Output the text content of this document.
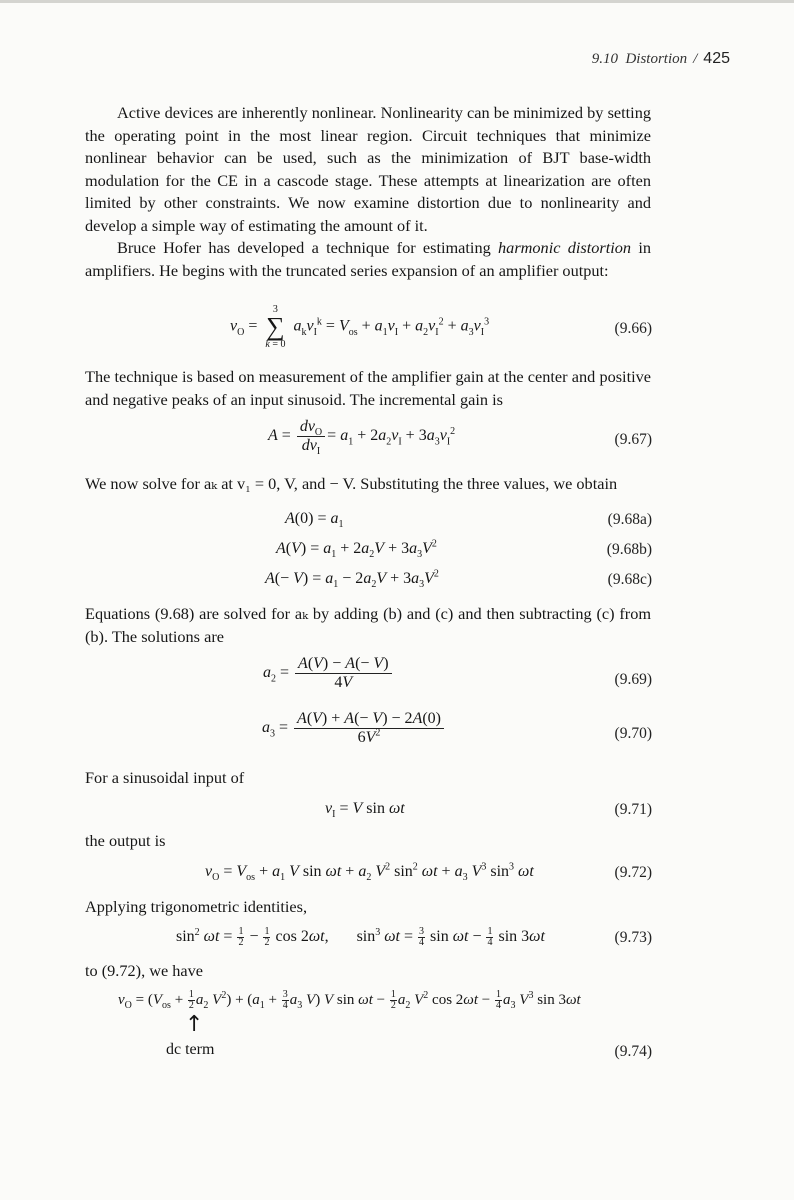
9.10 Distortion / 425

Active devices are inherently nonlinear. Nonlinearity can be minimized by setting the operating point in the most linear region. Circuit techniques that minimize nonlinear behavior can be used, such as the minimization of BJT base-width modulation for the CE in a cascode stage. These attempts at linearization are often limited by other constraints. We now examine distortion due to nonlinearity and develop a simple way of estimating the amount of it.

Bruce Hofer has developed a technique for estimating harmonic distortion in amplifiers. He begins with the truncated series expansion of an amplifier output:

$v_O = 3$
∑
k = 0 $a_kv_I^k = V_{os} + a_1v_I + a_2v_I^2 + a_3v_I^3$	(9.66)

The technique is based on measurement of the amplifier gain at the center and positive and negative peaks of an input sinusoid. The incremental gain is

$A = \frac{dv_O}{dv_I} = a_1 + 2a_2v_I + 3a_3v_I^2$	(9.67)

We now solve for aₖ at v₁ = 0, V, and − V. Substituting the three values, we obtain

$A(0) = a_1$	(9.68a)
$A(V) = a_1 + 2a_2V + 3a_3V^2$	(9.68b)
$A(- V) = a_1 - 2a_2V + 3a_3V^2$	(9.68c)

Equations (9.68) are solved for aₖ by adding (b) and (c) and then subtracting (c) from (b). The solutions are

$a_2 = \frac{A(V) - A(- V)}{4V}$	(9.69)
$a_3 = \frac{A(V) + A(- V) - 2A(0)}{6V^2}$	(9.70)

For a sinusoidal input of

$v_I = V$ sin ωt	(9.71)

the output is

$v_O = V_{os} + a_1$ V $\sin \omega t + a_2$ $V^2$ $\sin^2 \omega t + a_3$ $V^3$ $\sin^3 \omega t$	(9.72)

Applying trigonometric identities,

$\sin^2 \omega t = \frac{1}{2} - \frac{1}{2}$ cos 2ωt,       $\sin^3 \omega t = \frac{3}{4}$ $\sin \omega t - \frac{1}{4}$ sin 3ωt	(9.73)

to (9.72), we have

$v_O = (V_{os} + \frac{1}{2} a_2$ $V^2) + (a_1 + \frac{3}{4} a_3$ V) V $\sin \omega t - \frac{1}{2} a_2$ $V^2$ $\cos 2\omega t - \frac{1}{4} a_3$ $V^3$ sin 3ωt
↑
dc term	(9.74)
